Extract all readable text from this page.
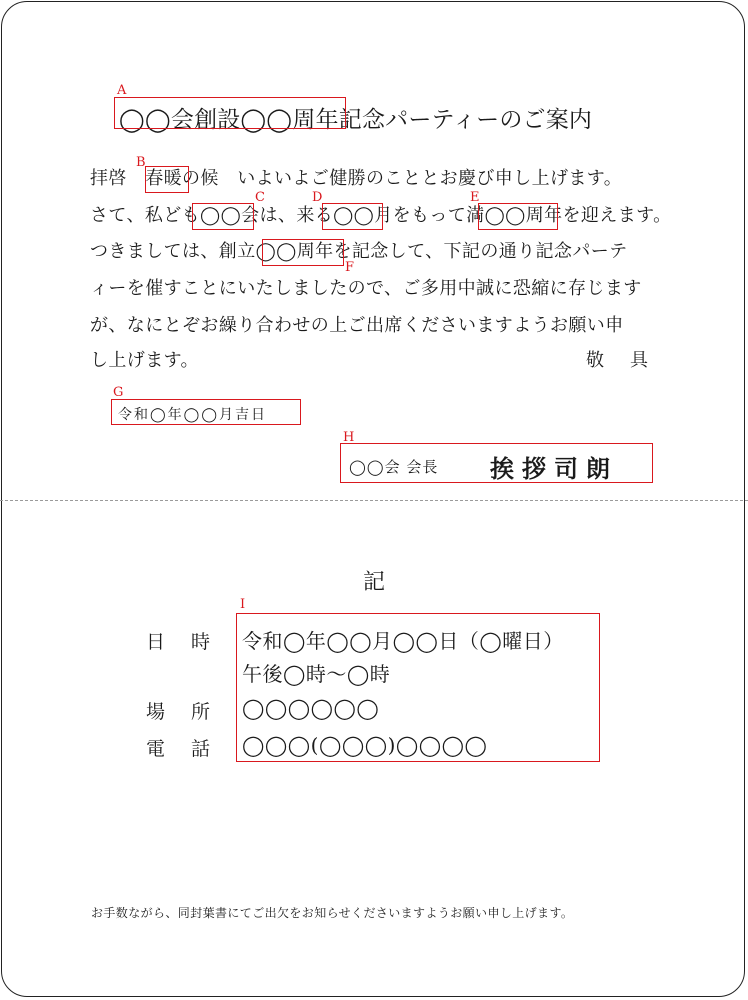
◯◯会創設◯◯周年記念パーティーのご案内
A
拝啓　春暖の候　いよいよご健勝のこととお慶び申し上げます。
さて、私ども◯◯会は、来る◯◯月をもって満◯◯周年を迎えます。
つきましては、創立◯◯周年を記念して、下記の通り記念パーテ
ィーを催すことにいたしましたので、ご多用中誠に恐縮に存じます
が、なにとぞお繰り合わせの上ご出席くださいますようお願い申
し上げます。	敬　具
B
C	D	E
F
G
令和◯年◯◯月吉日
H
◯◯会 会長 挨拶司朗
記
I
日時 令和◯年◯◯月◯◯日（◯曜日）
午後◯時～◯時
場所 ◯◯◯◯◯◯
電話 ◯◯◯(◯◯◯)◯◯◯◯
お手数ながら、同封葉書にてご出欠をお知らせくださいますようお願い申し上げます。
